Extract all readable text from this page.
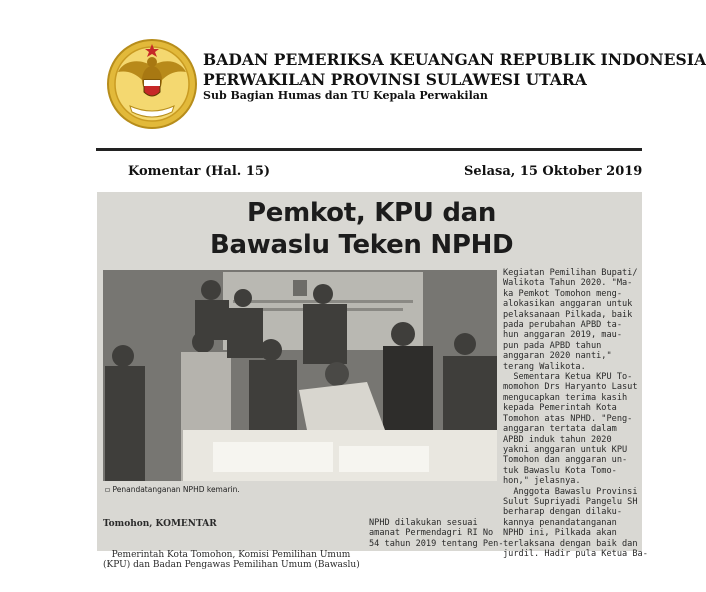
BADAN PEMERIKSA KEUANGAN REPUBLIK INDONESIA
PERWAKILAN PROVINSI SULAWESI UTARA
Sub Bagian Humas dan TU Kepala Perwakilan
Komentar (Hal. 15)	Selasa, 15 Oktober 2019
Pemkot, KPU dan
Bawaslu Teken NPHD
▫ Penandatanganan NPHD kemarin.
Kegiatan Pemilihan Bupati/
Walikota Tahun 2020. "Ma-
ka Pemkot Tomohon meng-
alokasikan anggaran untuk
pelaksanaan Pilkada, baik
pada perubahan APBD ta-
hun anggaran 2019, mau-
pun pada APBD tahun
anggaran 2020 nanti,"
terang Walikota.
Sementara Ketua KPU To-
momohon Drs Haryanto Lasut
mengucapkan terima kasih
kepada Pemerintah Kota
Tomohon atas NPHD. "Peng-
anggaran tertata dalam
APBD induk tahun 2020
yakni anggaran untuk KPU
Tomohon dan anggaran un-
tuk Bawaslu Kota Tomo-
hon," jelasnya.
Anggota Bawaslu Provinsi
Sulut Supriyadi Pangelu SH
berharap dengan dilaku-
kannya penandatanganan
NPHD ini, Pilkada akan
terlaksana dengan baik dan
jurdil. Hadir pula Ketua Ba-

Tomohon, KOMENTAR

Pemerintah Kota Tomohon, Komisi Pemilihan Umum
(KPU) dan Badan Pengawas Pemilihan Umum (Bawaslu)

NPHD dilakukan sesuai
amanat Permendagri RI No
54 tahun 2019 tentang Pen-
